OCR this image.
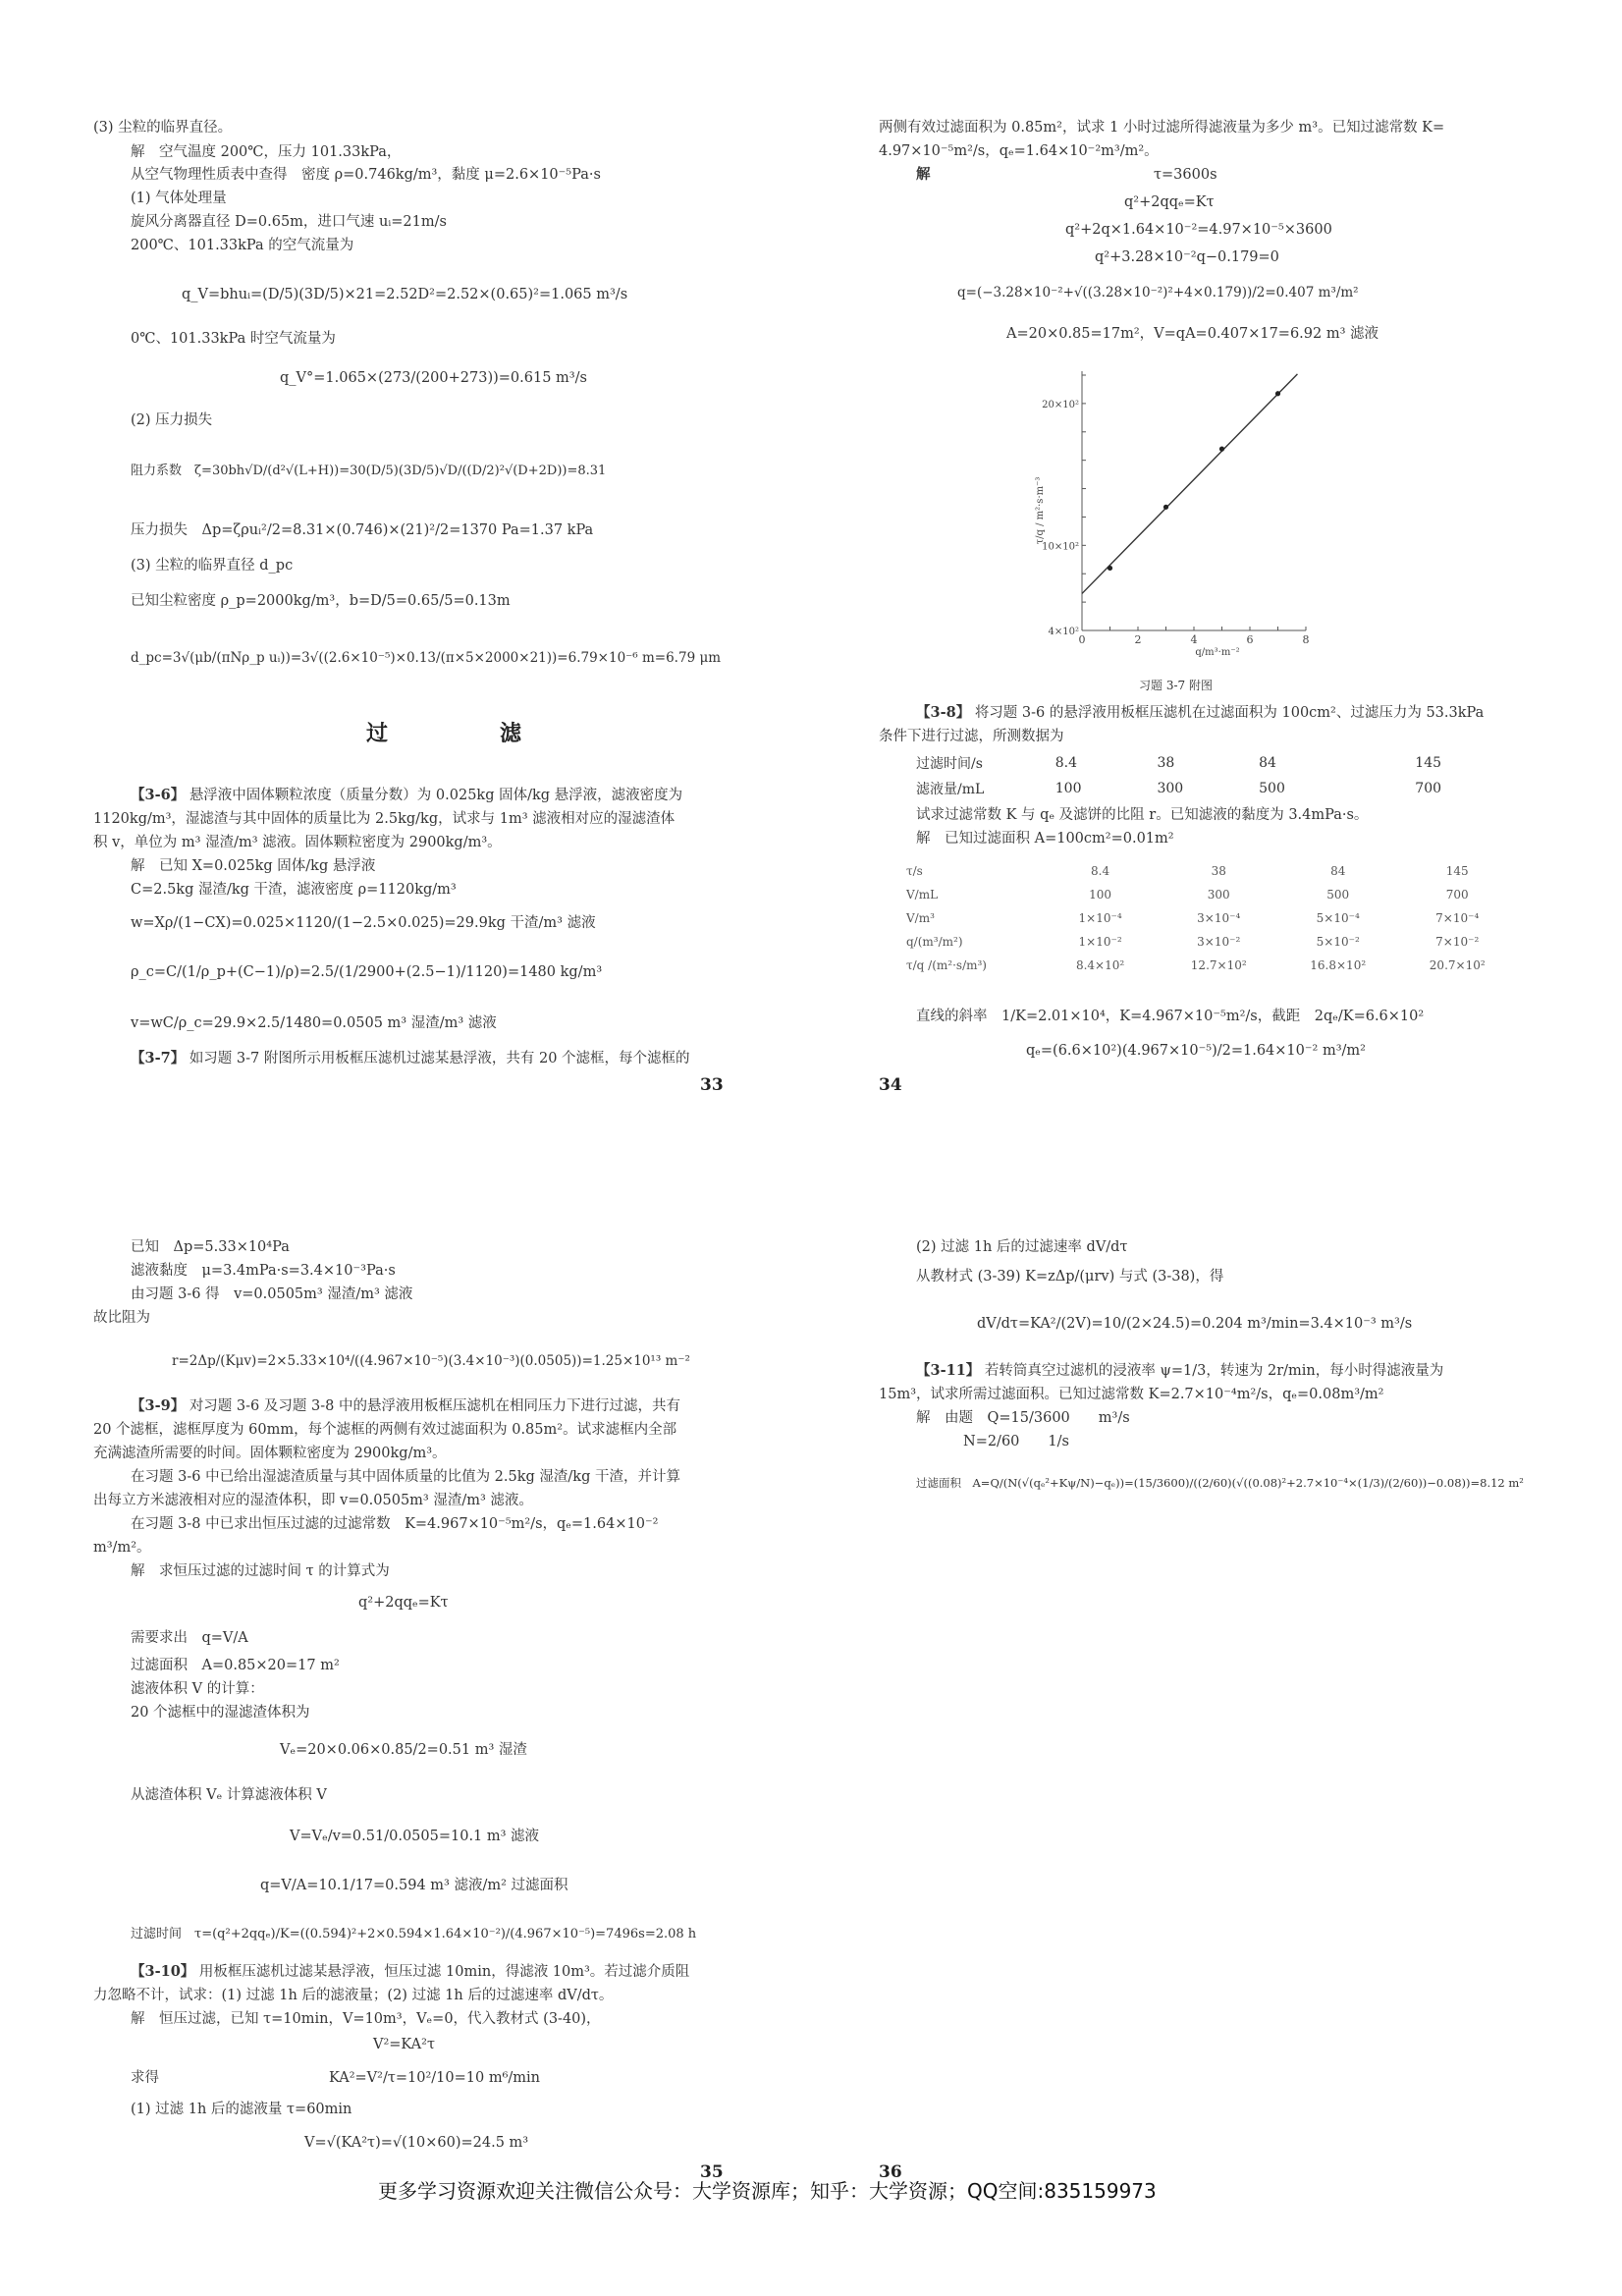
(3) 尘粒的临界直径。
解　空气温度 200℃，压力 101.33kPa，
从空气物理性质表中查得　密度 ρ=0.746kg/m³，黏度 μ=2.6×10⁻⁵Pa·s
(1) 气体处理量
旋风分离器直径 D=0.65m，进口气速 uᵢ=21m/s
200℃、101.33kPa 的空气流量为
q_V=bhuᵢ=(D/5)(3D/5)×21=2.52D²=2.52×(0.65)²=1.065 m³/s
0℃、101.33kPa 时空气流量为
q_V°=1.065×(273/(200+273))=0.615 m³/s
(2) 压力损失
阻力系数　ζ=30bh√D/(d²√(L+H))=30(D/5)(3D/5)√D/((D/2)²√(D+2D))=8.31
压力损失　Δp=ζρuᵢ²/2=8.31×(0.746)×(21)²/2=1370 Pa=1.37 kPa
(3) 尘粒的临界直径 d_pc
已知尘粒密度 ρ_p=2000kg/m³，b=D/5=0.65/5=0.13m
d_pc=3√(μb/(πNρ_p uᵢ))=3√((2.6×10⁻⁵)×0.13/(π×5×2000×21))=6.79×10⁻⁶ m=6.79 μm
过　滤
【3-6】 悬浮液中固体颗粒浓度（质量分数）为 0.025kg 固体/kg 悬浮液，滤液密度为
1120kg/m³，湿滤渣与其中固体的质量比为 2.5kg/kg，试求与 1m³ 滤液相对应的湿滤渣体
积 v，单位为 m³ 湿渣/m³ 滤液。固体颗粒密度为 2900kg/m³。
解　已知 X=0.025kg 固体/kg 悬浮液
C=2.5kg 湿渣/kg 干渣，滤液密度 ρ=1120kg/m³
w=Xρ/(1−CX)=0.025×1120/(1−2.5×0.025)=29.9kg 干渣/m³ 滤液
ρ_c=C/(1/ρ_p+(C−1)/ρ)=2.5/(1/2900+(2.5−1)/1120)=1480 kg/m³
v=wC/ρ_c=29.9×2.5/1480=0.0505 m³ 湿渣/m³ 滤液
【3-7】 如习题 3-7 附图所示用板框压滤机过滤某悬浮液，共有 20 个滤框，每个滤框的
33
两侧有效过滤面积为 0.85m²，试求 1 小时过滤所得滤液量为多少 m³。已知过滤常数 K=
4.97×10⁻⁵m²/s，qₑ=1.64×10⁻²m³/m²。
解	τ=3600s
q²+2qqₑ=Kτ
q²+2q×1.64×10⁻²=4.97×10⁻⁵×3600
q²+3.28×10⁻²q−0.179=0
q=(−3.28×10⁻²+√((3.28×10⁻²)²+4×0.179))/2=0.407 m³/m²
A=20×0.85=17m²，V=qA=0.407×17=6.92 m³ 滤液
习题 3-7 附图
【3-8】 将习题 3-6 的悬浮液用板框压滤机在过滤面积为 100cm²、过滤压力为 53.3kPa
条件下进行过滤，所测数据为
过滤时间/s	8.4	38	84	145
滤液量/mL	100	300	500	700
试求过滤常数 K 与 qₑ 及滤饼的比阻 r。已知滤液的黏度为 3.4mPa·s。
解　已知过滤面积 A=100cm²=0.01m²
τ/s	8.4	38	84	145
V/mL	100	300	500	700
V/m³	1×10⁻⁴	3×10⁻⁴	5×10⁻⁴	7×10⁻⁴
q/(m³/m²)	1×10⁻²	3×10⁻²	5×10⁻²	7×10⁻²
τ/q /(m²·s/m³)	8.4×10²	12.7×10²	16.8×10²	20.7×10²
直线的斜率　1/K=2.01×10⁴，K=4.967×10⁻⁵m²/s，截距　2qₑ/K=6.6×10²
qₑ=(6.6×10²)(4.967×10⁻⁵)/2=1.64×10⁻² m³/m²
34
0	2	4	6	8
4×10²
10×10²
20×10²
τ/q / m²·s·m⁻³
q/m³·m⁻²
已知　Δp=5.33×10⁴Pa
滤液黏度　μ=3.4mPa·s=3.4×10⁻³Pa·s
由习题 3-6 得　v=0.0505m³ 湿渣/m³ 滤液
故比阻为
r=2Δp/(Kμv)=2×5.33×10⁴/((4.967×10⁻⁵)(3.4×10⁻³)(0.0505))=1.25×10¹³ m⁻²
【3-9】 对习题 3-6 及习题 3-8 中的悬浮液用板框压滤机在相同压力下进行过滤，共有
20 个滤框，滤框厚度为 60mm，每个滤框的两侧有效过滤面积为 0.85m²。试求滤框内全部
充满滤渣所需要的时间。固体颗粒密度为 2900kg/m³。
在习题 3-6 中已给出湿滤渣质量与其中固体质量的比值为 2.5kg 湿渣/kg 干渣，并计算
出每立方米滤液相对应的湿渣体积，即 v=0.0505m³ 湿渣/m³ 滤液。
在习题 3-8 中已求出恒压过滤的过滤常数　K=4.967×10⁻⁵m²/s，qₑ=1.64×10⁻²
m³/m²。
解　求恒压过滤的过滤时间 τ 的计算式为
q²+2qqₑ=Kτ
需要求出　q=V/A
过滤面积　A=0.85×20=17 m²
滤液体积 V 的计算：
20 个滤框中的湿滤渣体积为
Vₑ=20×0.06×0.85/2=0.51 m³ 湿渣
从滤渣体积 Vₑ 计算滤液体积 V
V=Vₑ/v=0.51/0.0505=10.1 m³ 滤液
q=V/A=10.1/17=0.594 m³ 滤液/m² 过滤面积
过滤时间　τ=(q²+2qqₑ)/K=((0.594)²+2×0.594×1.64×10⁻²)/(4.967×10⁻⁵)=7496s=2.08 h
【3-10】 用板框压滤机过滤某悬浮液，恒压过滤 10min，得滤液 10m³。若过滤介质阻
力忽略不计，试求：(1) 过滤 1h 后的滤液量；(2) 过滤 1h 后的过滤速率 dV/dτ。
解　恒压过滤，已知 τ=10min，V=10m³，Vₑ=0，代入教材式 (3-40)，
V²=KA²τ
求得	KA²=V²/τ=10²/10=10 m⁶/min
(1) 过滤 1h 后的滤液量 τ=60min
V=√(KA²τ)=√(10×60)=24.5 m³
35
(2) 过滤 1h 后的过滤速率 dV/dτ
从教材式 (3-39) K=zΔp/(μrv) 与式 (3-38)，得
dV/dτ=KA²/(2V)=10/(2×24.5)=0.204 m³/min=3.4×10⁻³ m³/s
【3-11】 若转筒真空过滤机的浸液率 ψ=1/3，转速为 2r/min，每小时得滤液量为
15m³，试求所需过滤面积。已知过滤常数 K=2.7×10⁻⁴m²/s，qₑ=0.08m³/m²
解　由题　Q=15/3600　　m³/s
N=2/60　　1/s
过滤面积　A=Q/(N(√(qₑ²+Kψ/N)−qₑ))=(15/3600)/((2/60)(√((0.08)²+2.7×10⁻⁴×(1/3)/(2/60))−0.08))=8.12 m²
36
更多学习资源欢迎关注微信公众号：大学资源库；知乎：大学资源；QQ空间:835159973
